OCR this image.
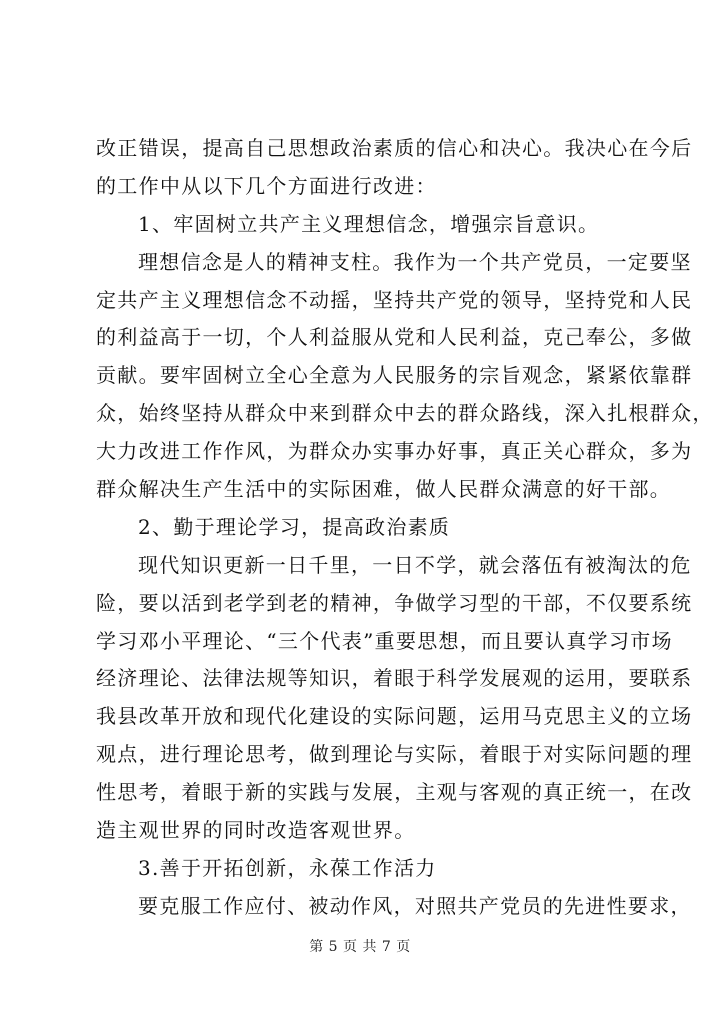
改正错误，提高自己思想政治素质的信心和决心。我决心在今后
的工作中从以下几个方面进行改进：
1、牢固树立共产主义理想信念，增强宗旨意识。
理想信念是人的精神支柱。我作为一个共产党员，一定要坚
定共产主义理想信念不动摇，坚持共产党的领导，坚持党和人民
的利益高于一切，个人利益服从党和人民利益，克己奉公，多做
贡献。要牢固树立全心全意为人民服务的宗旨观念，紧紧依靠群
众，始终坚持从群众中来到群众中去的群众路线，深入扎根群众，
大力改进工作作风，为群众办实事办好事，真正关心群众，多为
群众解决生产生活中的实际困难，做人民群众满意的好干部。
2、勤于理论学习，提高政治素质
现代知识更新一日千里，一日不学，就会落伍有被淘汰的危
险，要以活到老学到老的精神，争做学习型的干部，不仅要系统
学习邓小平理论、“三个代表”重要思想，而且要认真学习市场
经济理论、法律法规等知识，着眼于科学发展观的运用，要联系
我县改革开放和现代化建设的实际问题，运用马克思主义的立场
观点，进行理论思考，做到理论与实际，着眼于对实际问题的理
性思考，着眼于新的实践与发展，主观与客观的真正统一，在改
造主观世界的同时改造客观世界。
3.善于开拓创新，永葆工作活力
要克服工作应付、被动作风，对照共产党员的先进性要求，
第 5 页 共 7 页
